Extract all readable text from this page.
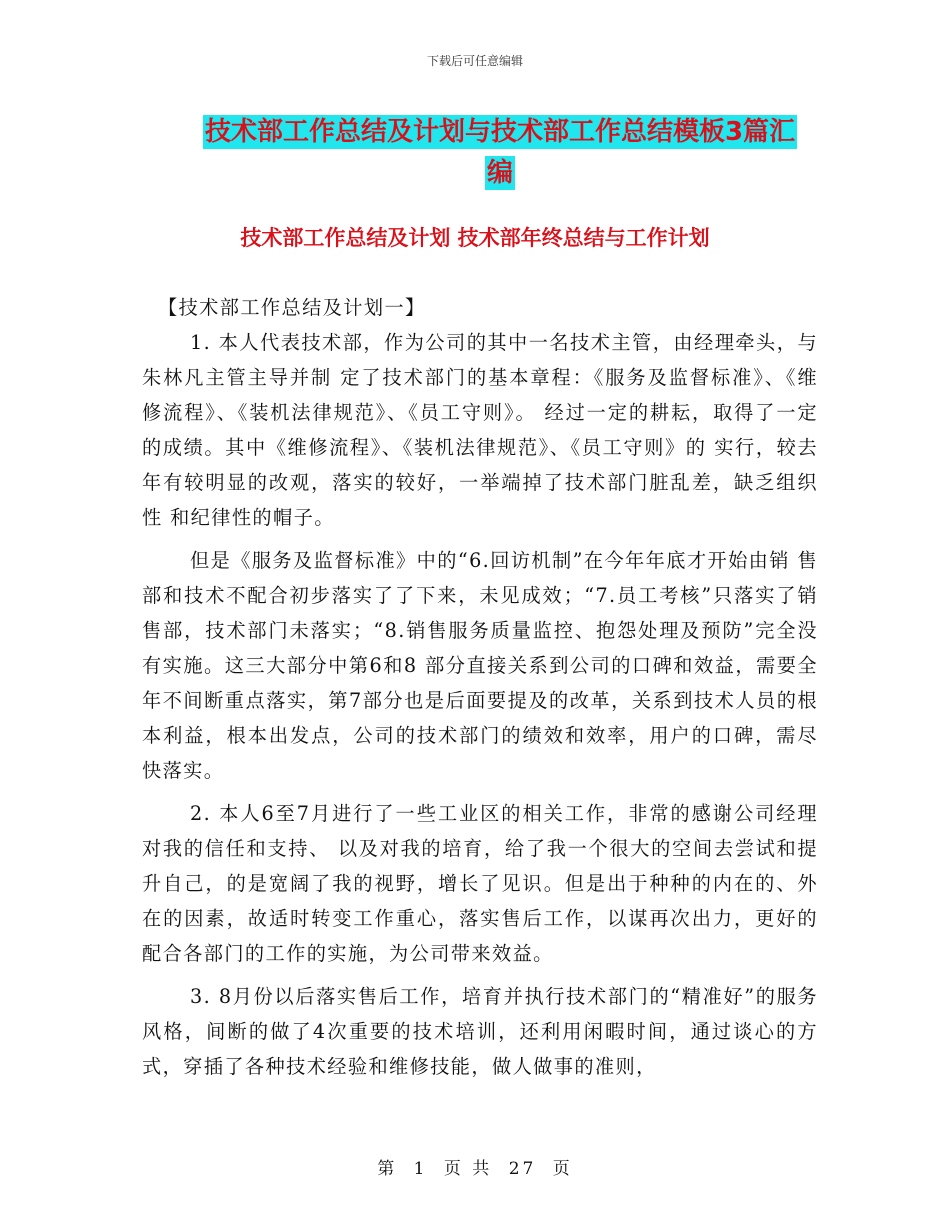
下载后可任意编辑
技术部工作总结及计划与技术部工作总结模板3篇汇
编
技术部工作总结及计划 技术部年终总结与工作计划

【技术部工作总结及计划一】

1. 本人代表技术部，作为公司的其中一名技术主管，由经理牵头，与朱林凡主管主导并制 定了技术部门的基本章程：《服务及监督标准》、《维修流程》、《装机法律规范》、《员工守则》。 经过一定的耕耘，取得了一定的成绩。其中《维修流程》、《装机法律规范》、《员工守则》的 实行，较去年有较明显的改观，落实的较好，一举端掉了技术部门脏乱差，缺乏组织性 和纪律性的帽子。

但是《服务及监督标准》中的“6.回访机制”在今年年底才开始由销 售部和技术不配合初步落实了了下来，未见成效；“7.员工考核”只落实了销售部，技术部门未落实；“8.销售服务质量监控、抱怨处理及预防”完全没有实施。这三大部分中第6和8 部分直接关系到公司的口碑和效益，需要全年不间断重点落实，第7部分也是后面要提及的改革，关系到技术人员的根本利益，根本出发点，公司的技术部门的绩效和效率，用户的口碑，需尽快落实。

2. 本人6至7月进行了一些工业区的相关工作，非常的感谢公司经理对我的信任和支持、 以及对我的培育，给了我一个很大的空间去尝试和提升自己，的是宽阔了我的视野，增长了见识。但是出于种种的内在的、外在的因素，故适时转变工作重心，落实售后工作，以谋再次出力，更好的配合各部门的工作的实施，为公司带来效益。

3. 8月份以后落实售后工作，培育并执行技术部门的“精准好”的服务风格，间断的做了4次重要的技术培训，还利用闲暇时间，通过谈心的方式，穿插了各种技术经验和维修技能，做人做事的准则，

第 1 页 共 27 页
